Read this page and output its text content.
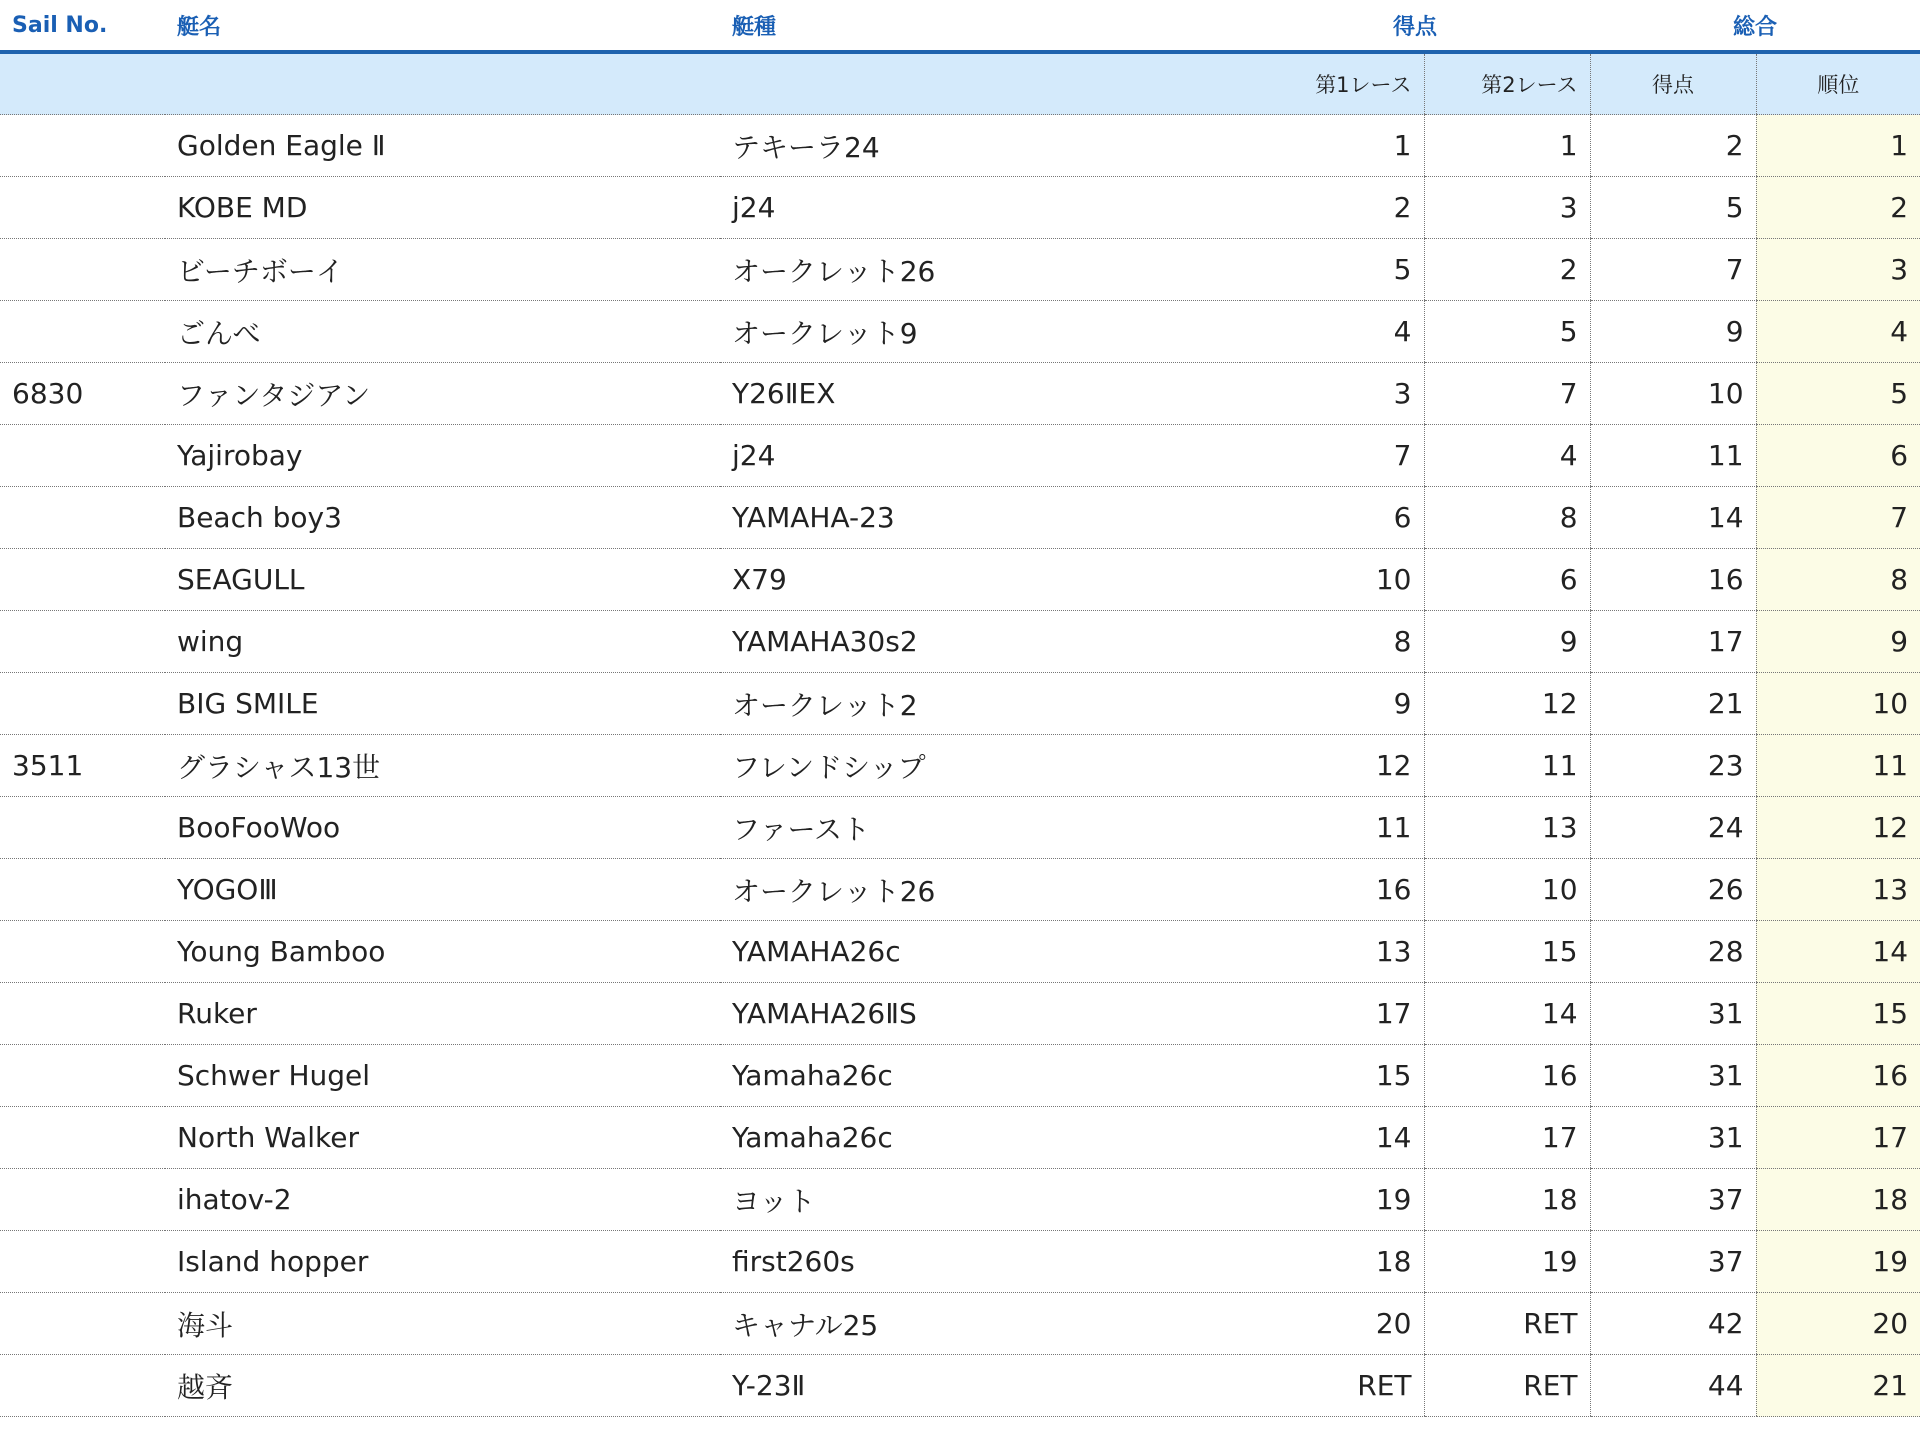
Sail No.	艇名	艇種	得点		総合	
			第1レース	第2レース	得点	順位
	Golden Eagle Ⅱ	テキーラ24	1	1	2	1
	KOBE MD	j24	2	3	5	2
	ビーチボーイ	オークレット26	5	2	7	3
	ごんべ	オークレット9	4	5	9	4
6830	ファンタジアン	Y26ⅡEX	3	7	10	5
	Yajirobay	j24	7	4	11	6
	Beach boy3	YAMAHA-23	6	8	14	7
	SEAGULL	X79	10	6	16	8
	wing	YAMAHA30s2	8	9	17	9
	BIG SMILE	オークレット2	9	12	21	10
3511	グラシャス13世	フレンドシップ	12	11	23	11
	BooFooWoo	ファースト	11	13	24	12
	YOGOⅢ	オークレット26	16	10	26	13
	Young Bamboo	YAMAHA26c	13	15	28	14
	Ruker	YAMAHA26ⅡS	17	14	31	15
	Schwer Hugel	Yamaha26c	15	16	31	16
	North Walker	Yamaha26c	14	17	31	17
	ihatov-2	ヨット	19	18	37	18
	Island hopper	first260s	18	19	37	19
	海斗	キャナル25	20	RET	42	20
	越斉	Y-23Ⅱ	RET	RET	44	21
